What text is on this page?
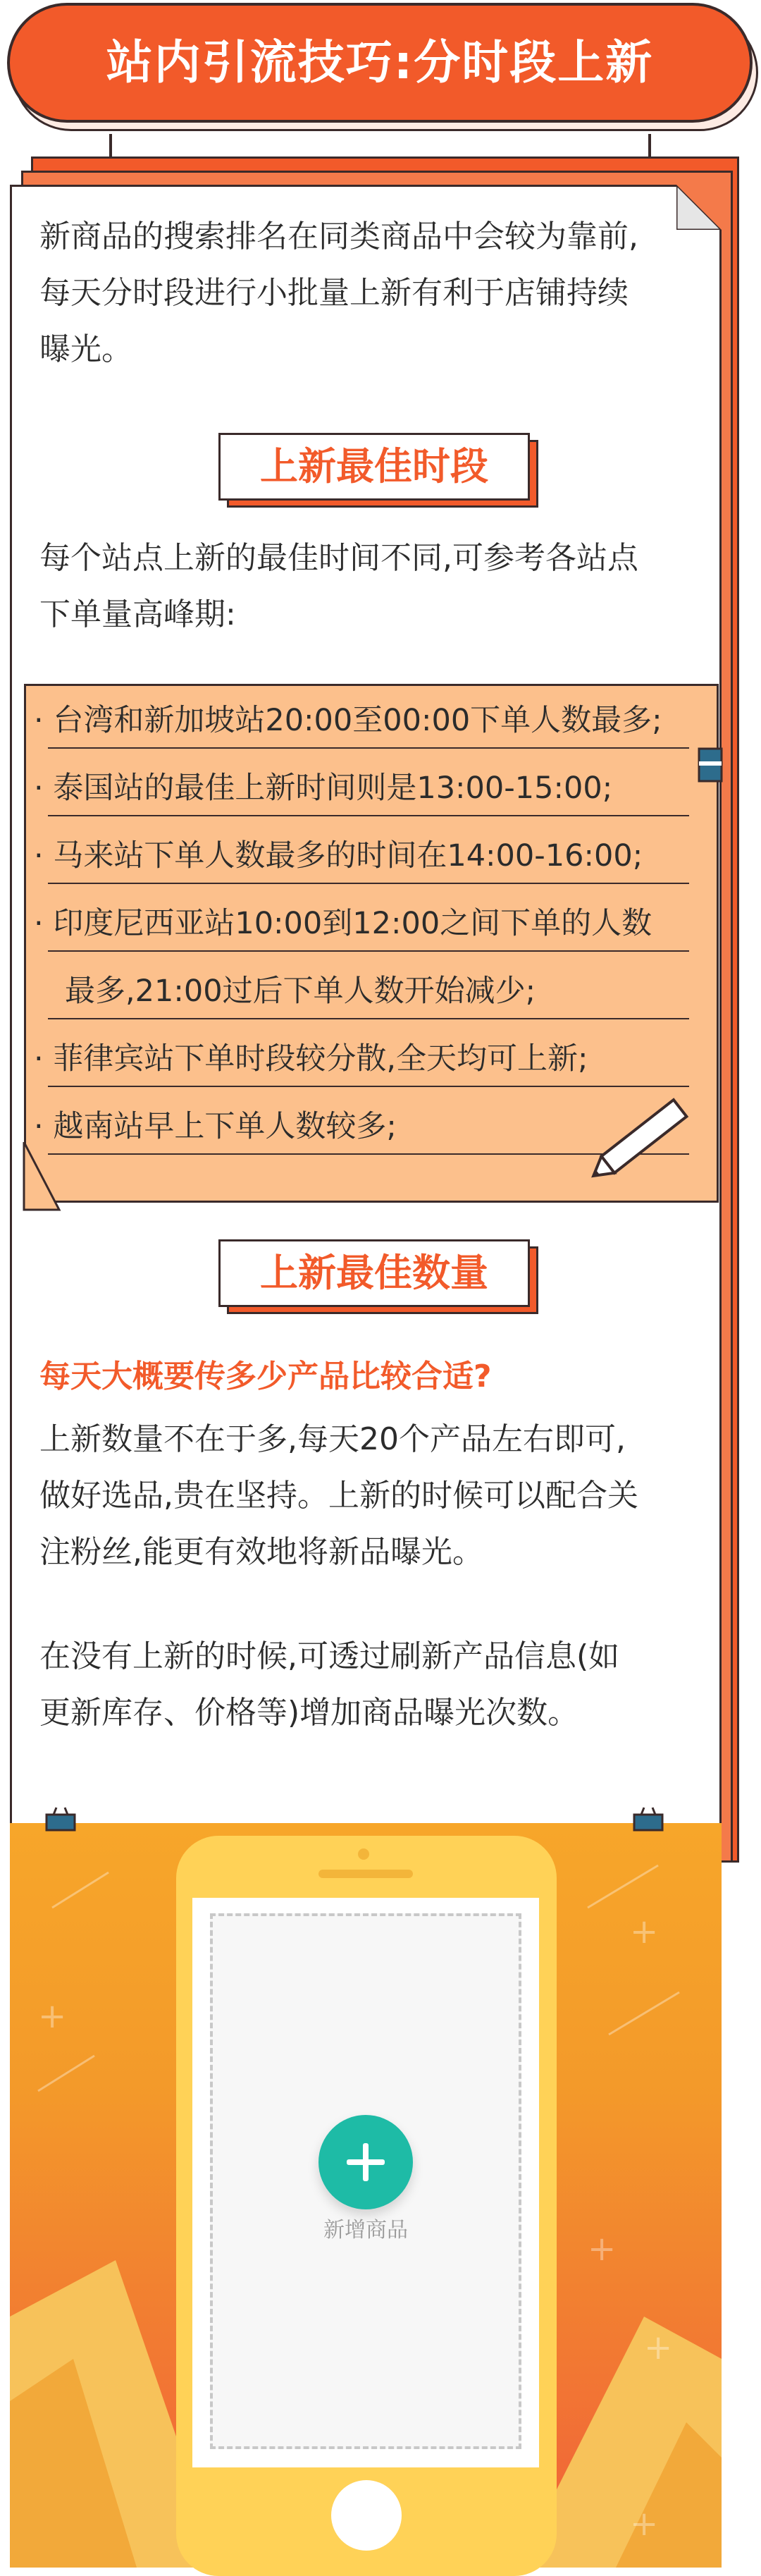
站内引流技巧:分时段上新
新商品的搜索排名在同类商品中会较为靠前,
每天分时段进行小批量上新有利于店铺持续
曝光。
上新最佳时段
每个站点上新的最佳时间不同,可参考各站点
下单量高峰期:
· 台湾和新加坡站20:00至00:00下单人数最多;
· 泰国站的最佳上新时间则是13:00-15:00;
· 马来站下单人数最多的时间在14:00-16:00;
· 印度尼西亚站10:00到12:00之间下单的人数
最多,21:00过后下单人数开始减少;
· 菲律宾站下单时段较分散,全天均可上新;
· 越南站早上下单人数较多;
上新最佳数量
每天大概要传多少产品比较合适?
上新数量不在于多,每天20个产品左右即可,
做好选品,贵在坚持。上新的时候可以配合关
注粉丝,能更有效地将新品曝光。
在没有上新的时候,可透过刷新产品信息(如
更新库存、价格等)增加商品曝光次数。
+
+
+
+
+
新增商品
